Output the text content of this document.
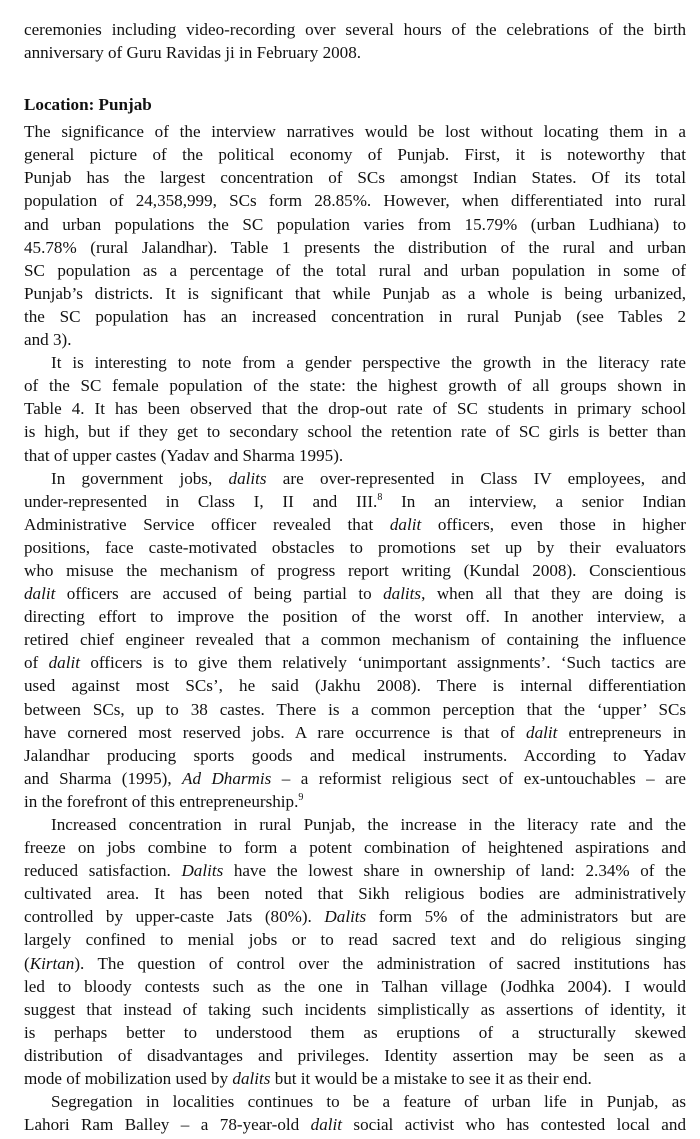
ceremonies including video-recording over several hours of the celebrations of the birth
anniversary of Guru Ravidas ji in February 2008.
Location: Punjab
The significance of the interview narratives would be lost without locating them in a
general picture of the political economy of Punjab. First, it is noteworthy that
Punjab has the largest concentration of SCs amongst Indian States. Of its total
population of 24,358,999, SCs form 28.85%. However, when differentiated into rural
and urban populations the SC population varies from 15.79% (urban Ludhiana) to
45.78% (rural Jalandhar). Table 1 presents the distribution of the rural and urban
SC population as a percentage of the total rural and urban population in some of
Punjab’s districts. It is significant that while Punjab as a whole is being urbanized,
the SC population has an increased concentration in rural Punjab (see Tables 2
and 3).
It is interesting to note from a gender perspective the growth in the literacy rate
of the SC female population of the state: the highest growth of all groups shown in
Table 4. It has been observed that the drop-out rate of SC students in primary school
is high, but if they get to secondary school the retention rate of SC girls is better than
that of upper castes (Yadav and Sharma 1995).
In government jobs, dalits are over-represented in Class IV employees, and
under-represented in Class I, II and III.$^8$ In an interview, a senior Indian
Administrative Service officer revealed that dalit officers, even those in higher
positions, face caste-motivated obstacles to promotions set up by their evaluators
who misuse the mechanism of progress report writing (Kundal 2008). Conscientious
dalit officers are accused of being partial to dalits, when all that they are doing is
directing effort to improve the position of the worst off. In another interview, a
retired chief engineer revealed that a common mechanism of containing the influence
of dalit officers is to give them relatively ‘unimportant assignments’. ‘Such tactics are
used against most SCs’, he said (Jakhu 2008). There is internal differentiation
between SCs, up to 38 castes. There is a common perception that the ‘upper’ SCs
have cornered most reserved jobs. A rare occurrence is that of dalit entrepreneurs in
Jalandhar producing sports goods and medical instruments. According to Yadav
and Sharma (1995), Ad Dharmis – a reformist religious sect of ex-untouchables – are
in the forefront of this entrepreneurship.$^9$
Increased concentration in rural Punjab, the increase in the literacy rate and the
freeze on jobs combine to form a potent combination of heightened aspirations and
reduced satisfaction. Dalits have the lowest share in ownership of land: 2.34% of the
cultivated area. It has been noted that Sikh religious bodies are administratively
controlled by upper-caste Jats (80%). Dalits form 5% of the administrators but are
largely confined to menial jobs or to read sacred text and do religious singing
(Kirtan). The question of control over the administration of sacred institutions has
led to bloody contests such as the one in Talhan village (Jodhka 2004). I would
suggest that instead of taking such incidents simplistically as assertions of identity, it
is perhaps better to understood them as eruptions of a structurally skewed
distribution of disadvantages and privileges. Identity assertion may be seen as a
mode of mobilization used by dalits but it would be a mistake to see it as their end.
Segregation in localities continues to be a feature of urban life in Punjab, as
Lahori Ram Balley – a 78-year-old dalit social activist who has contested local and
